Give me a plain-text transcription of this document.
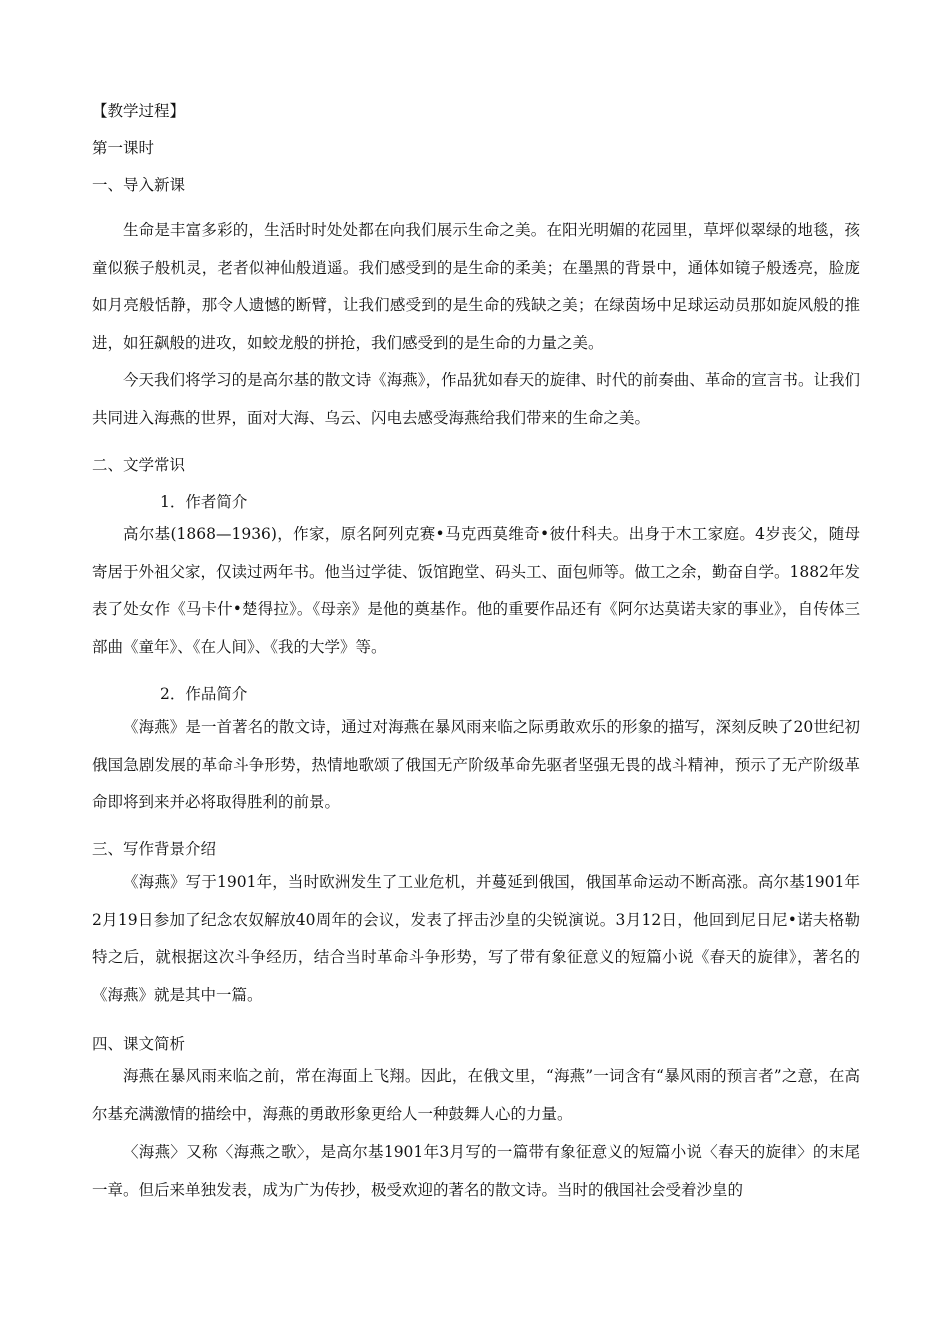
【教学过程】
第一课时
一、导入新课

生命是丰富多彩的，生活时时处处都在向我们展示生命之美。在阳光明媚的花园里，草坪似翠绿的地毯，孩童似猴子般机灵，老者似神仙般逍遥。我们感受到的是生命的柔美；在墨黑的背景中，通体如镜子般透亮，脸庞如月亮般恬静，那令人遗憾的断臂，让我们感受到的是生命的残缺之美；在绿茵场中足球运动员那如旋风般的推进，如狂飙般的进攻，如蛟龙般的拼抢，我们感受到的是生命的力量之美。

今天我们将学习的是高尔基的散文诗《海燕》，作品犹如春天的旋律、时代的前奏曲、革命的宣言书。让我们共同进入海燕的世界，面对大海、乌云、闪电去感受海燕给我们带来的生命之美。

二、文学常识
1．作者简介

高尔基(1868—1936)，作家，原名阿列克赛•马克西莫维奇•彼什科夫。出身于木工家庭。4岁丧父，随母寄居于外祖父家，仅读过两年书。他当过学徒、饭馆跑堂、码头工、面包师等。做工之余，勤奋自学。1882年发表了处女作《马卡什•楚得拉》。《母亲》是他的奠基作。他的重要作品还有《阿尔达莫诺夫家的事业》，自传体三部曲《童年》、《在人间》、《我的大学》等。

2．作品简介

《海燕》是一首著名的散文诗，通过对海燕在暴风雨来临之际勇敢欢乐的形象的描写，深刻反映了20世纪初俄国急剧发展的革命斗争形势，热情地歌颂了俄国无产阶级革命先驱者坚强无畏的战斗精神，预示了无产阶级革命即将到来并必将取得胜利的前景。

三、写作背景介绍

《海燕》写于1901年，当时欧洲发生了工业危机，并蔓延到俄国，俄国革命运动不断高涨。高尔基1901年2月19日参加了纪念农奴解放40周年的会议，发表了抨击沙皇的尖锐演说。3月12日，他回到尼日尼•诺夫格勒特之后，就根据这次斗争经历，结合当时革命斗争形势，写了带有象征意义的短篇小说《春天的旋律》，著名的《海燕》就是其中一篇。

四、课文简析

海燕在暴风雨来临之前，常在海面上飞翔。因此，在俄文里，“海燕”一词含有“暴风雨的预言者”之意，在高尔基充满激情的描绘中，海燕的勇敢形象更给人一种鼓舞人心的力量。

〈海燕〉又称〈海燕之歌〉，是高尔基1901年3月写的一篇带有象征意义的短篇小说〈春天的旋律〉的末尾一章。但后来单独发表，成为广为传抄，极受欢迎的著名的散文诗。当时的俄国社会受着沙皇的
